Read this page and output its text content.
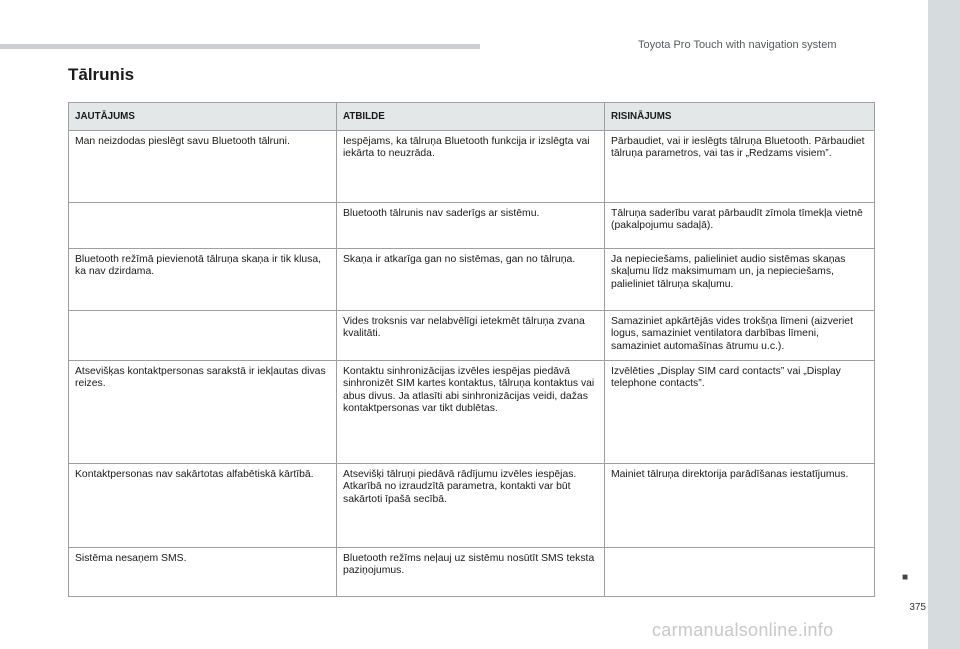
Toyota Pro Touch with navigation system
Tālrunis
JAUTĀJUMS	ATBILDE	RISINĀJUMS
Man neizdodas pieslēgt savu Bluetooth tālruni.	Iespējams, ka tālruņa Bluetooth funkcija ir izslēgta vai iekārta to neuzrāda.	Pārbaudiet, vai ir ieslēgts tālruņa Bluetooth. Pārbaudiet tālruņa parametros, vai tas ir „Redzams visiem”.
	Bluetooth tālrunis nav saderīgs ar sistēmu.	Tālruņa saderību varat pārbaudīt zīmola tīmekļa vietnē (pakalpojumu sadaļā).
Bluetooth režīmā pievienotā tālruņa skaņa ir tik klusa, ka nav dzirdama.	Skaņa ir atkarīga gan no sistēmas, gan no tālruņa.	Ja nepieciešams, palieliniet audio sistēmas skaņas skaļumu līdz maksimumam un, ja nepieciešams, palieliniet tālruņa skaļumu.
	Vides troksnis var nelabvēlīgi ietekmēt tālruņa zvana kvalitāti.	Samaziniet apkārtējās vides trokšņa līmeni (aizveriet logus, samaziniet ventilatora darbības līmeni, samaziniet automašīnas ātrumu u.c.).
Atsevišķas kontaktpersonas sarakstā ir iekļautas divas reizes.	Kontaktu sinhronizācijas izvēles iespējas piedāvā sinhronizēt SIM kartes kontaktus, tālruņa kontaktus vai abus divus. Ja atlasīti abi sinhronizācijas veidi, dažas kontaktpersonas var tikt dublētas.	Izvēlēties „Display SIM card contacts” vai „Display telephone contacts”.
Kontaktpersonas nav sakārtotas alfabētiskā kārtībā.	Atsevišķi tālruņi piedāvā rādījumu izvēles iespējas. Atkarībā no izraudzītā parametra, kontakti var būt sakārtoti īpašā secībā.	Mainiet tālruņa direktorija parādīšanas iestatījumus.
Sistēma nesaņem SMS.	Bluetooth režīms neļauj uz sistēmu nosūtīt SMS teksta paziņojumus.	
■
375
carmanualsonline.info
